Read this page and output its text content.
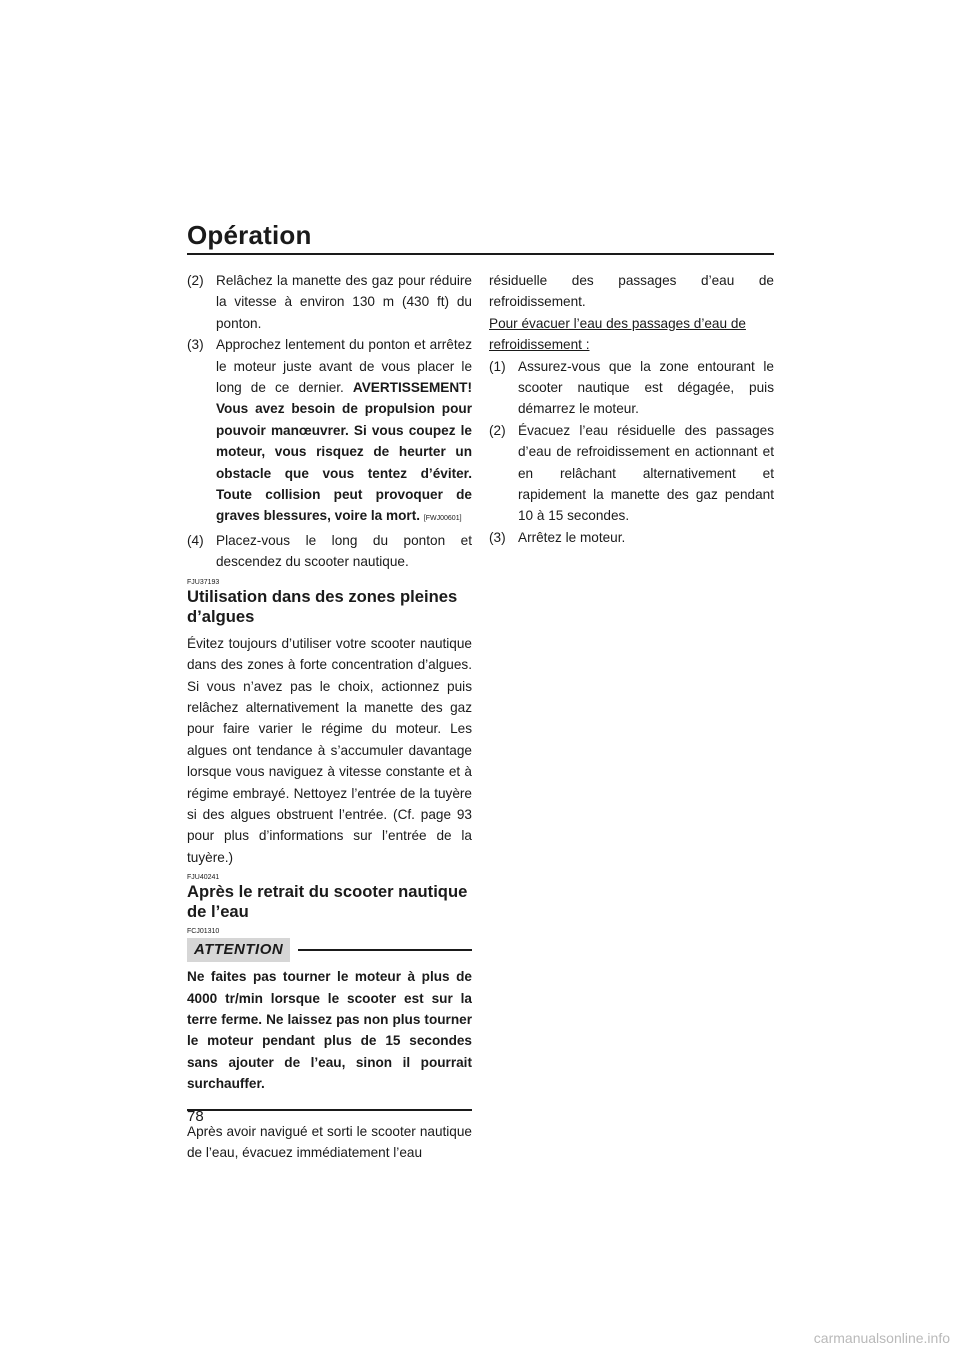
Opération
(2) Relâchez la manette des gaz pour réduire la vitesse à environ 130 m (430 ft) du ponton.
(3) Approchez lentement du ponton et arrêtez le moteur juste avant de vous placer le long de ce dernier. AVERTISSEMENT! Vous avez besoin de propulsion pour pouvoir manœuvrer. Si vous coupez le moteur, vous risquez de heurter un obstacle que vous tentez d’éviter. Toute collision peut provoquer de graves blessures, voire la mort. [FWJ00601]
(4) Placez-vous le long du ponton et descendez du scooter nautique.
FJU37193
Utilisation dans des zones pleines d’algues

Évitez toujours d’utiliser votre scooter nautique dans des zones à forte concentration d’algues. Si vous n’avez pas le choix, actionnez puis relâchez alternativement la manette des gaz pour faire varier le régime du moteur. Les algues ont tendance à s’accumuler davantage lorsque vous naviguez à vitesse constante et à régime embrayé. Nettoyez l’entrée de la tuyère si des algues obstruent l’entrée. (Cf. page 93 pour plus d’informations sur l’entrée de la tuyère.)

FJU40241
Après le retrait du scooter nautique de l’eau
FCJ01310
ATTENTION

Ne faites pas tourner le moteur à plus de 4000 tr/min lorsque le scooter est sur la terre ferme. Ne laissez pas non plus tourner le moteur pendant plus de 15 secondes sans ajouter de l’eau, sinon il pourrait surchauffer.

Après avoir navigué et sorti le scooter nautique de l’eau, évacuez immédiatement l’eau

résiduelle des passages d’eau de refroidissement.

Pour évacuer l’eau des passages d’eau de refroidissement :

(1) Assurez-vous que la zone entourant le scooter nautique est dégagée, puis démarrez le moteur.
(2) Évacuez l’eau résiduelle des passages d’eau de refroidissement en actionnant et en relâchant alternativement et rapidement la manette des gaz pendant 10 à 15 secondes.
(3) Arrêtez le moteur.
78
carmanualsonline.info
